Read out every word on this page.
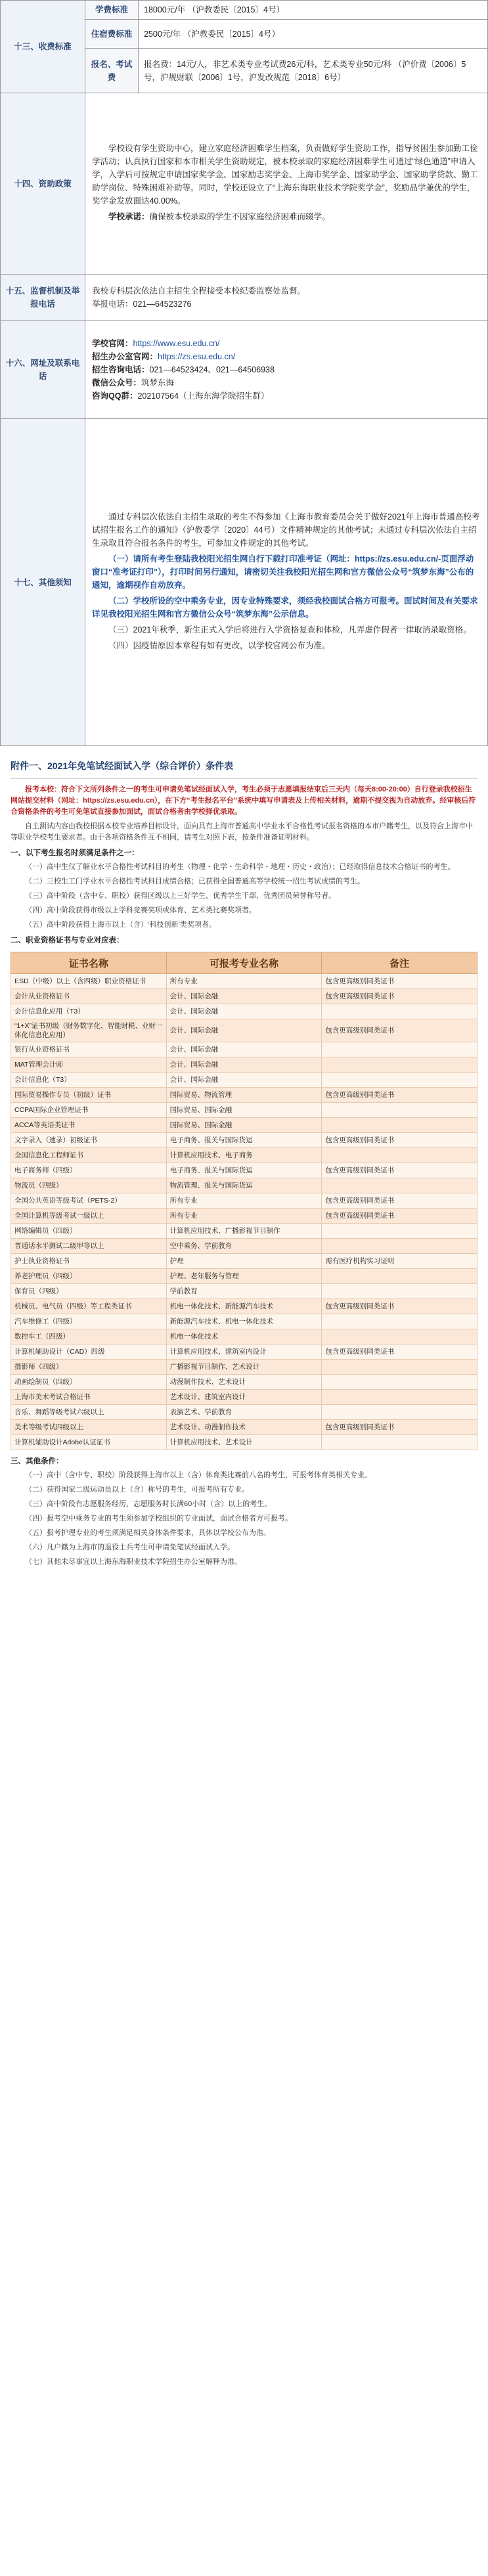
十三、收费标准	学费标准	18000元/年 （沪教委民〔2015〕4号）
	住宿费标准	2500元/年 （沪教委民〔2015〕4号）
	报名、考试费	报名费：14元/人，非艺术类专业考试费26元/科，艺术类专业50元/科 （沪价费〔2006〕5号，沪规财联〔2006〕1号，沪发改规范〔2018〕6号）
十四、资助政策	学校设有学生资助中心，建立家庭经济困难学生档案，负责做好学生资助工作，指导贫困生参加勤工俭学活动；认真执行国家和本市相关学生资助规定，被本校录取的家庭经济困难学生可通过“绿色通道”申请入学，入学后可按规定申请国家奖学金、国家励志奖学金、上海市奖学金、国家助学金、国家助学贷款、勤工助学岗位、特殊困难补助等。同时，学校还设立了“上海东海职业技术学院奖学金”，奖励品学兼优的学生，奖学金发放面达40.00%。

学校承诺：确保被本校录取的学生不因家庭经济困难而辍学。	

十五、监督机制及举报电话	我校专科层次依法自主招生全程接受本校纪委监察处监督。
举报电话：021—64523276	

十六、网址及联系电话	学校官网：https://www.esu.edu.cn/
招生办公室官网：https://zs.esu.edu.cn/
招生咨询电话：021—64523424、021—64506938
微信公众号：筑梦东海
咨询QQ群：202107564（上海东海学院招生群）	

十七、其他须知	通过专科层次依法自主招生录取的考生不得参加《上海市教育委员会关于做好2021年上海市普通高校考试招生报名工作的通知》（沪教委学〔2020〕44号）文件精神规定的其他考试；未通过专科层次依法自主招生录取且符合报名条件的考生，可参加文件规定的其他考试。

（一）请所有考生登陆我校阳光招生网自行下载打印准考证（网址：https://zs.esu.edu.cn/-页面浮动窗口“准考证打印”），打印时间另行通知，请密切关注我校阳光招生网和官方微信公众号“筑梦东海”公布的通知，逾期视作自动放弃。

（二）学校所设的空中乘务专业，因专业特殊要求，须经我校面试合格方可报考。面试时间及有关要求详见我校阳光招生网和官方微信公众号“筑梦东海”公示信息。

（三）2021年秋季，新生正式入学后将进行入学资格复查和体检，凡弄虚作假者一律取消录取资格。

（四）因疫情原因本章程有如有更改，以学校官网公布为准。	

附件一、2021年免笔试经面试入学（综合评价）条件表

报考本校：符合下文所列条件之一的考生可申请免笔试经面试入学，考生必须于志愿填报结束后三天内（每天8:00-20:00）自行登录我校招生网站提交材料（网址：https://zs.esu.edu.cn），在下方“考生报名平台”系统中填写申请表及上传相关材料，逾期不提交视为自动放弃。经审核后符合资格条件的考生可免笔试直接参加面试，面试合格者由学校择优录取。

自主测试内容由我校根据本校专业培养目标设计，面向具有上海市普通高中学业水平合格性考试报名资格的本市户籍考生，以及符合上海市中等职业学校考生要求者。由于各项资格条件互不相同，请考生对照下表，按条件准备证明材料。

一、以下考生报名时须满足条件之一：

（一）高中生仅了解业水平合格性考试科目的考生（物理・化学・生命科学・地理・历史・政治）；已经取得信息技术合格证书的考生。

（二）三校生工门学业水平合格性考试科目成绩合格；已获得全国普通高等学校统一招生考试成绩的考生。

（三）高中阶段（含中专、职校）获得区级以上三好学生、优秀学生干部、优秀团员荣誉称号者。

（四）高中阶段获得市级以上学科竞赛奖项或体育、艺术类比赛奖项者。

（五）高中阶段获得上海市以上（含）‘科技创新’类奖项者。

二、职业资格证书与专业对应表：
证书名称	可报考专业名称	备注
ESD（中级）以上（含四级）职业资格证书	所有专业	包含更高级别同类证书
会计从业资格证书	会计、国际金融	包含更高级别同类证书
会计信息化应用（T3）	会计、国际金融	
“1+X”证书初级（财务数字化、智能财税、业财一体化信息化应用）	会计、国际金融	包含更高级别同类证书
银行从业资格证书	会计、国际金融	
MAT管理会计师	会计、国际金融	
会计信息化（T3）	会计、国际金融	
国际贸易操作专员（初级）证书	国际贸易、物流管理	包含更高级别同类证书
CCPA国际企业管理证书	国际贸易、国际金融	
ACCA等英语类证书	国际贸易、国际金融	
文字录入（速录）初级证书	电子商务、报关与国际货运	包含更高级别同类证书
全国信息化工程师证书	计算机应用技术、电子商务	
电子商务师（四级）	电子商务、报关与国际货运	包含更高级别同类证书
物流员（四级）	物流管理、报关与国际货运	
全国公共英语等级考试（PETS-2）	所有专业	包含更高级别同类证书
全国计算机等级考试一级以上	所有专业	包含更高级别同类证书
网络编辑员（四级）	计算机应用技术、广播影视节目制作	
普通话水平测试二级甲等以上	空中乘务、学前教育	
护士执业资格证书	护理	需有医疗机构实习证明
养老护理员（四级）	护理、老年服务与管理	
保育员（四级）	学前教育	
机械员、电气员（四级）等工程类证书	机电一体化技术、新能源汽车技术	包含更高级别同类证书
汽车维修工（四级）	新能源汽车技术、机电一体化技术	
数控车工（四级）	机电一体化技术	
计算机辅助设计（CAD）四级	计算机应用技术、建筑室内设计	包含更高级别同类证书
摄影师（四级）	广播影视节目制作、艺术设计	
动画绘制员（四级）	动漫制作技术、艺术设计	
上海市美术考试合格证书	艺术设计、建筑室内设计	
音乐、舞蹈等级考试六级以上	表演艺术、学前教育	
美术等级考试四级以上	艺术设计、动漫制作技术	包含更高级别同类证书
计算机辅助设计Adobe认证证书	计算机应用技术、艺术设计	
三、其他条件：

（一）高中（含中专、职校）阶段获得上海市以上（含）体育类比赛前八名的考生，可报考体育类相关专业。

（二）获得国家二级运动员以上（含）称号的考生，可报考所有专业。

（三）高中阶段有志愿服务经历，志愿服务时长满60小时（含）以上的考生。

（四）报考空中乘务专业的考生须参加学校组织的专业面试，面试合格者方可报考。

（五）报考护理专业的考生须满足相关身体条件要求，具体以学校公布为准。

（六）凡户籍为上海市的退役士兵考生可申请免笔试经面试入学。

（七）其他未尽事宜以上海东海职业技术学院招生办公室解释为准。
